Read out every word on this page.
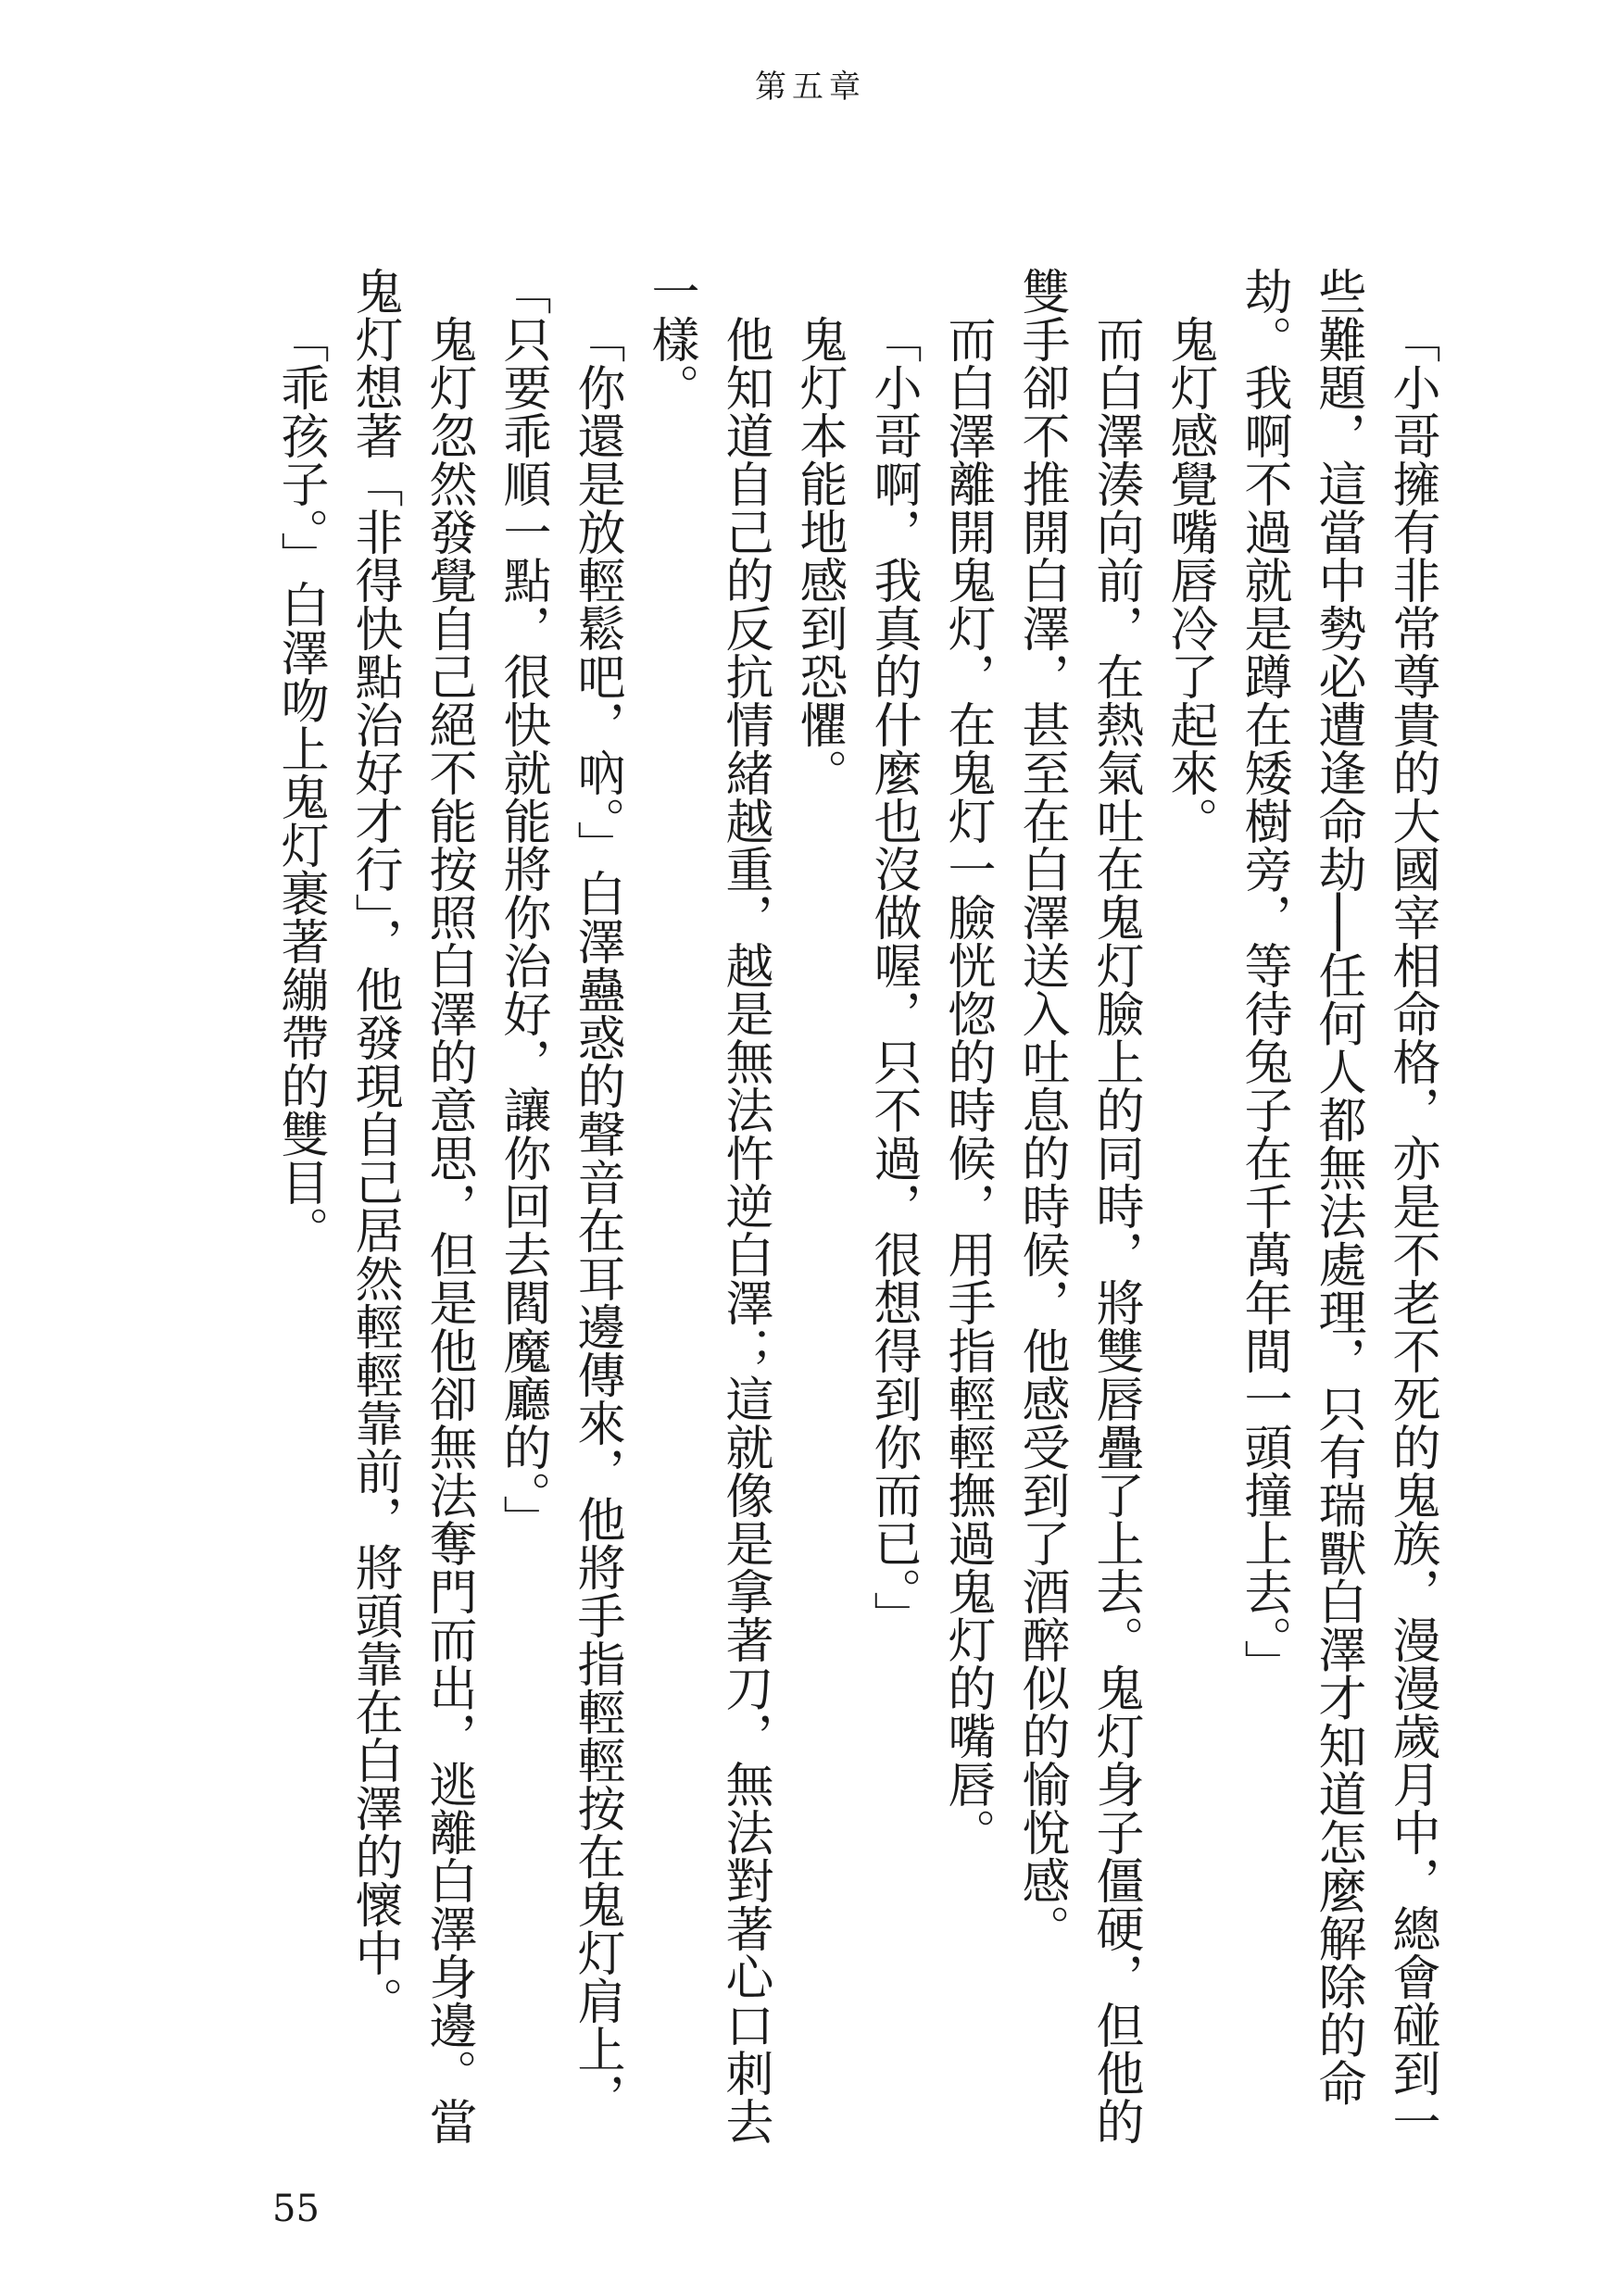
第五章

「小哥擁有非常尊貴的大國宰相命格，亦是不老不死的鬼族，漫漫歲月中，總會碰到一些難題，這當中勢必遭逢命劫──任何人都無法處理，只有瑞獸白澤才知道怎麼解除的命劫。我啊不過就是蹲在矮樹旁，等待兔子在千萬年間一頭撞上去。」

鬼灯感覺嘴唇冷了起來。

而白澤湊向前，在熱氣吐在鬼灯臉上的同時，將雙唇疊了上去。鬼灯身子僵硬，但他的雙手卻不推開白澤，甚至在白澤送入吐息的時候，他感受到了酒醉似的愉悅感。

而白澤離開鬼灯，在鬼灯一臉恍惚的時候，用手指輕輕撫過鬼灯的嘴唇。

「小哥啊，我真的什麼也沒做喔，只不過，很想得到你而已。」

鬼灯本能地感到恐懼。

他知道自己的反抗情緒越重，越是無法忤逆白澤；這就像是拿著刀，無法對著心口刺去一樣。

「你還是放輕鬆吧，吶。」白澤蠱惑的聲音在耳邊傳來，他將手指輕輕按在鬼灯肩上，「只要乖順一點，很快就能將你治好，讓你回去閻魔廳的。」

鬼灯忽然發覺自己絕不能按照白澤的意思，但是他卻無法奪門而出，逃離白澤身邊。當鬼灯想著「非得快點治好才行」，他發現自己居然輕輕靠前，將頭靠在白澤的懷中。

「乖孩子。」白澤吻上鬼灯裹著繃帶的雙目。

55
